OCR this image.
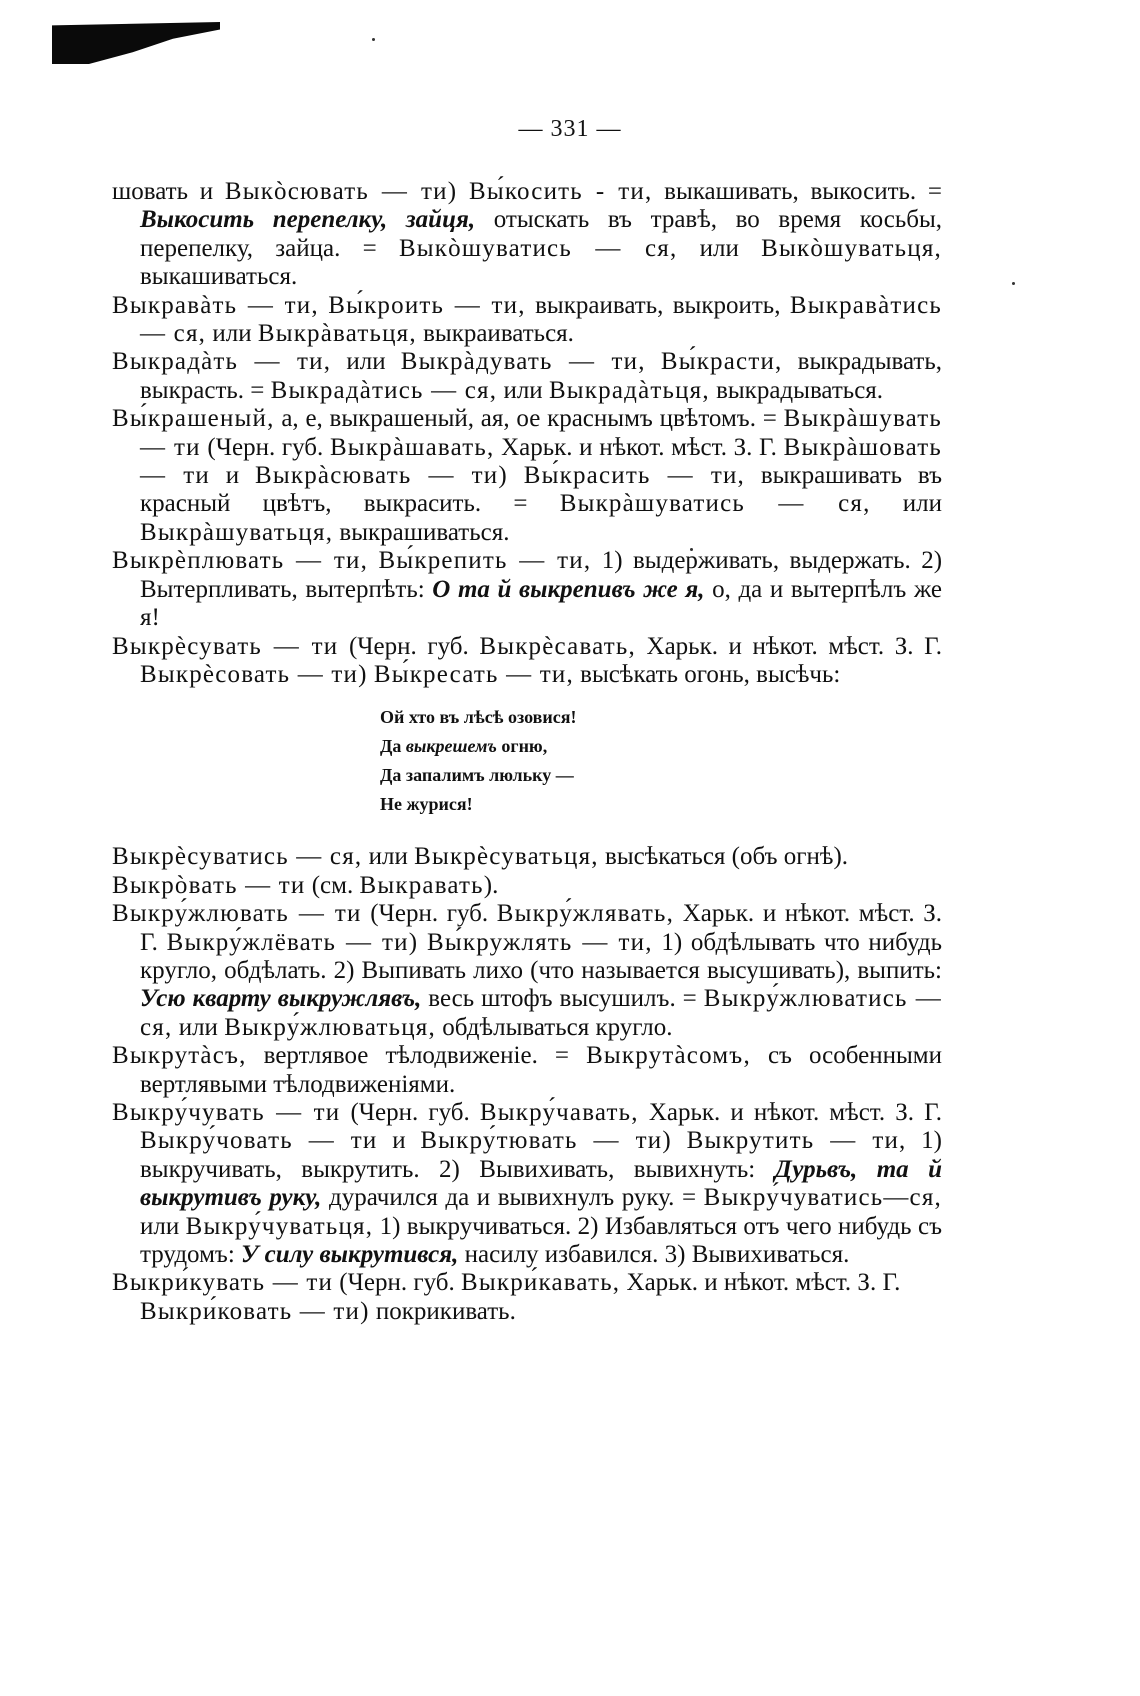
— 331 —

шовать и Выкòсювать — ти) Вы́косить - ти, выкашивать, выкосить. = Выкосить перепелку, зайця, отыскать въ травѣ, во время косьбы, перепелку, зайца. = Выкòшуватись — ся, или Выкòшуватьця, выкашиваться.

Выкравàть — ти, Вы́кроить — ти, выкраивать, выкроить, Выкравàтись — ся, или Выкрàватьця, выкраиваться.

Выкрадàть — ти, или Выкрàдувать — ти, Вы́красти, выкрадывать, выкрасть. = Выкрадàтись — ся, или Выкрадàтьця, выкрадываться.

Вы́крашеный, а, е, выкрашеный, ая, ое краснымъ цвѣтомъ. = Выкрàшувать — ти (Черн. губ. Выкрàшавать, Харьк. и нѣкот. мѣст. З. Г. Выкрàшовать — ти и Выкрàсювать — ти) Вы́красить — ти, выкрашивать въ красный цвѣтъ, выкрасить. = Выкрàшуватись — ся, или Выкрàшуватьця, выкрашиваться.

Выкрèплювать — ти, Вы́крепить — ти, 1) выдерживать, выдержать. 2) Вытерпливать, вытерпѣть: О та й выкрепивъ же я, о, да и вытерпѣлъ же я!

Выкрèсувать — ти (Черн. губ. Выкрèсавать, Харьк. и нѣкот. мѣст. З. Г. Выкрèсовать — ти) Вы́кресать — ти, высѣкать огонь, высѣчь:

Ой хто въ лѣсѣ озовися!
Да выкрешемъ огню,
Да запалимъ люльку —
Не журися!

Выкрèсуватись — ся, или Выкрèсуватьця, высѣкаться (объ огнѣ).

Выкрòвать — ти (см. Выкравать).

Выкру́жлювать — ти (Черн. губ. Выкру́жлявать, Харьк. и нѣкот. мѣст. З. Г. Выкру́жлёвать — ти) Вы́кружлять — ти, 1) обдѣлывать что нибудь кругло, обдѣлать. 2) Выпивать лихо (что называется высушивать), выпить: Усю кварту выкружлявъ, весь штофъ высушилъ. = Выкру́жлюватись — ся, или Выкру́жлюватьця, обдѣлываться кругло.

Выкрутàсъ, вертлявое тѣлодвиженіе. = Выкрутàсомъ, съ особенными вертлявыми тѣлодвиженіями.

Выкру́чувать — ти (Черн. губ. Выкру́чавать, Харьк. и нѣкот. мѣст. З. Г. Выкру́човать — ти и Выкру́тювать — ти) Выкрутить — ти, 1) выкручивать, выкрутить. 2) Вывихивать, вывихнуть: Дурьвъ, та й выкрутивъ руку, дурачился да и вывихнулъ руку. = Выкру́чуватись—ся, или Выкру́чуватьця, 1) выкручиваться. 2) Избавляться отъ чего нибудь съ трудомъ: У силу выкрутився, насилу избавился. 3) Вывихиваться.

Выкри́кувать — ти (Черн. губ. Выкри́кавать, Харьк. и нѣкот. мѣст. З. Г. Выкри́ковать — ти) покрикивать.
